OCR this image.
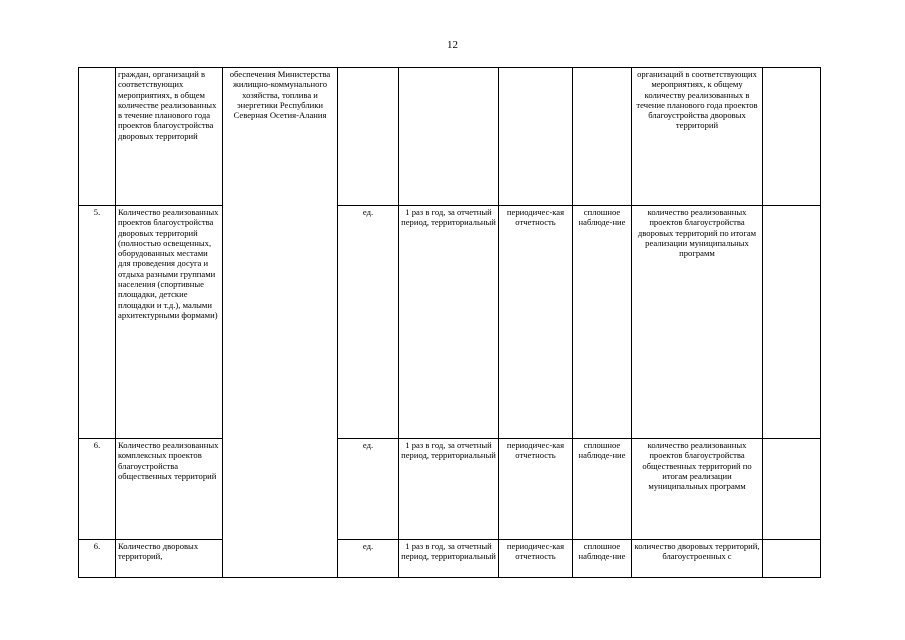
12
	граждан, организаций в соответствующих мероприятиях, в общем количестве реализованных в течение планового года проектов благоустройства дворовых территорий	обеспечения Министерства жилищно-коммунального хозяйства, топлива и энергетики Республики Северная Осетия-Алания					организаций в соответствующих мероприятиях, к общему количеству реализованных в течение планового года проектов благоустройства дворовых территорий	
5.	Количество реализованных проектов благоустройства дворовых территорий (полностью освещенных, оборудованных местами для проведения досуга и отдыха разными группами населения (спортивные площадки, детские площадки и т.д.), малыми архитектурными формами)		ед.	1 раз в год, за отчетный период, территориальный	периодичес-кая отчетность	сплошное наблюде-ние	количество реализованных проектов благоустройства дворовых территорий по итогам реализации муниципальных программ	
6.	Количество реализованных комплексных проектов благоустройства общественных территорий		ед.	1 раз в год, за отчетный период, территориальный	периодичес-кая отчетность	сплошное наблюде-ние	количество реализованных проектов благоустройства общественных территорий по итогам реализации муниципальных программ	
6.	Количество дворовых территорий,		ед.	1 раз в год, за отчетный период, территориальный	периодичес-кая отчетность	сплошное наблюде-ние	количество дворовых территорий, благоустроенных с	
